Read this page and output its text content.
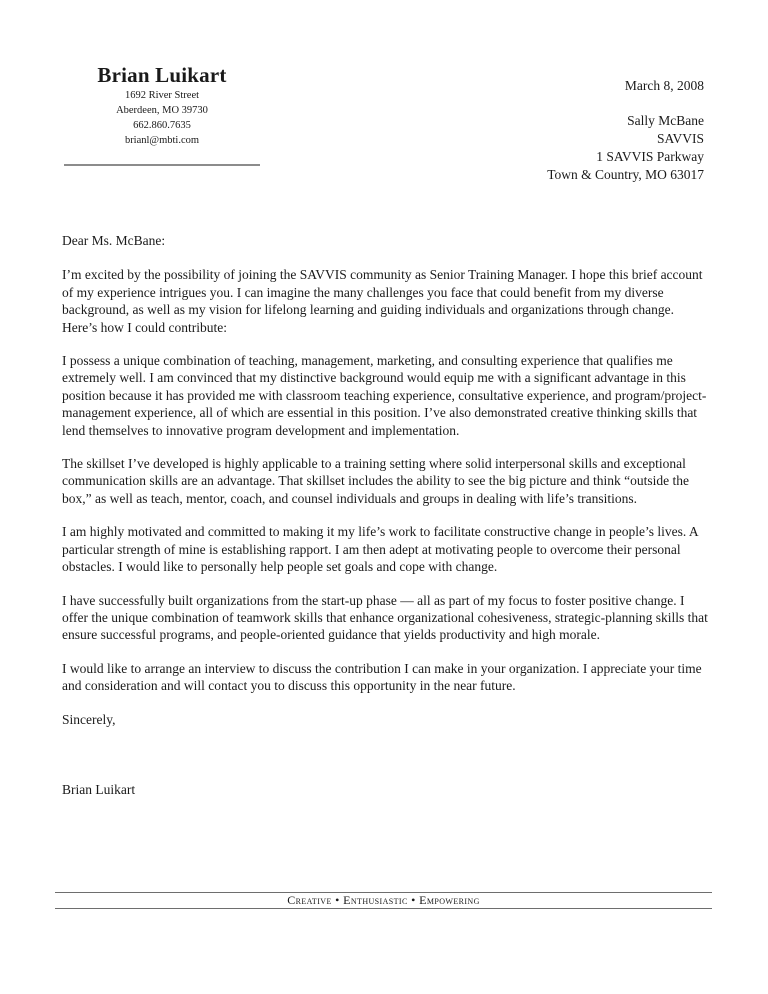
Brian Luikart
1692 River Street
Aberdeen, MO 39730
662.860.7635
brianl@mbti.com
March 8, 2008
Sally McBane
SAVVIS
1 SAVVIS Parkway
Town & Country, MO 63017
Dear Ms. McBane:
I’m excited by the possibility of joining the SAVVIS community as Senior Training Manager. I hope this brief account of my experience intrigues you. I can imagine the many challenges you face that could benefit from my diverse background, as well as my vision for lifelong learning and guiding individuals and organizations through change. Here’s how I could contribute:
I possess a unique combination of teaching, management, marketing, and consulting experience that qualifies me extremely well. I am convinced that my distinctive background would equip me with a significant advantage in this position because it has provided me with classroom teaching experience, consultative experience, and program/project-management experience, all of which are essential in this position. I’ve also demonstrated creative thinking skills that lend themselves to innovative program development and implementation.
The skillset I’ve developed is highly applicable to a training setting where solid interpersonal skills and exceptional communication skills are an advantage. That skillset includes the ability to see the big picture and think “outside the box,” as well as teach, mentor, coach, and counsel individuals and groups in dealing with life’s transitions.
I am highly motivated and committed to making it my life’s work to facilitate constructive change in people’s lives. A particular strength of mine is establishing rapport. I am then adept at motivating people to overcome their personal obstacles. I would like to personally help people set goals and cope with change.
I have successfully built organizations from the start-up phase — all as part of my focus to foster positive change. I offer the unique combination of teamwork skills that enhance organizational cohesiveness, strategic-planning skills that ensure successful programs, and people-oriented guidance that yields productivity and high morale.
I would like to arrange an interview to discuss the contribution I can make in your organization. I appreciate your time and consideration and will contact you to discuss this opportunity in the near future.
Sincerely,
Brian Luikart
Creative • Enthusiastic • Empowering
